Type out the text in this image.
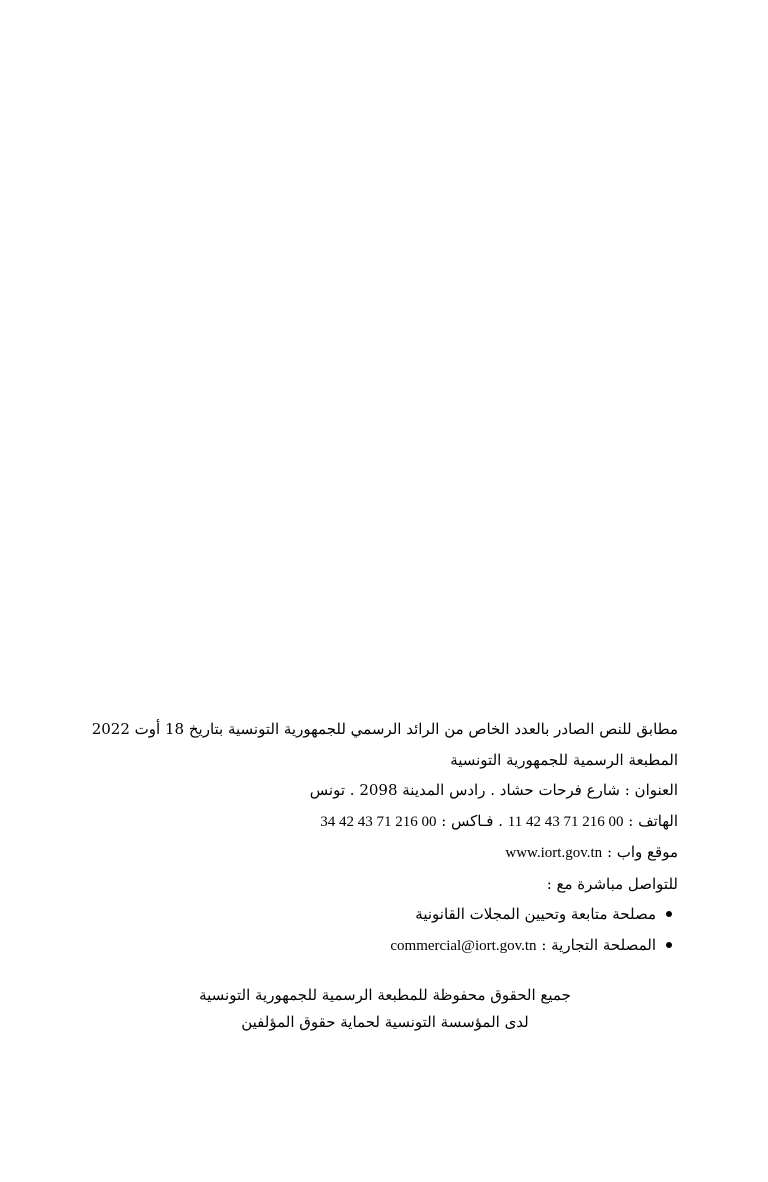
مطابق للنص الصادر بالعدد الخاص من الرائد الرسمي للجمهورية التونسية بتاريخ 18 أوت 2022
المطبعة الرسمية للجمهورية التونسية
العنوان : شارع فرحات حشاد . رادس المدينة 2098 . تونس
الهاتف : 11 42 43 71 216 00 . فـاكس : 34 42 43 71 216 00
موقع واب : www.iort.gov.tn
للتواصل مباشرة مع :
مصلحة متابعة وتحيين المجلات القانونية
المصلحة التجارية : commercial@iort.gov.tn
جميع الحقوق محفوظة للمطبعة الرسمية للجمهورية التونسية
لدى المؤسسة التونسية لحماية حقوق المؤلفين
